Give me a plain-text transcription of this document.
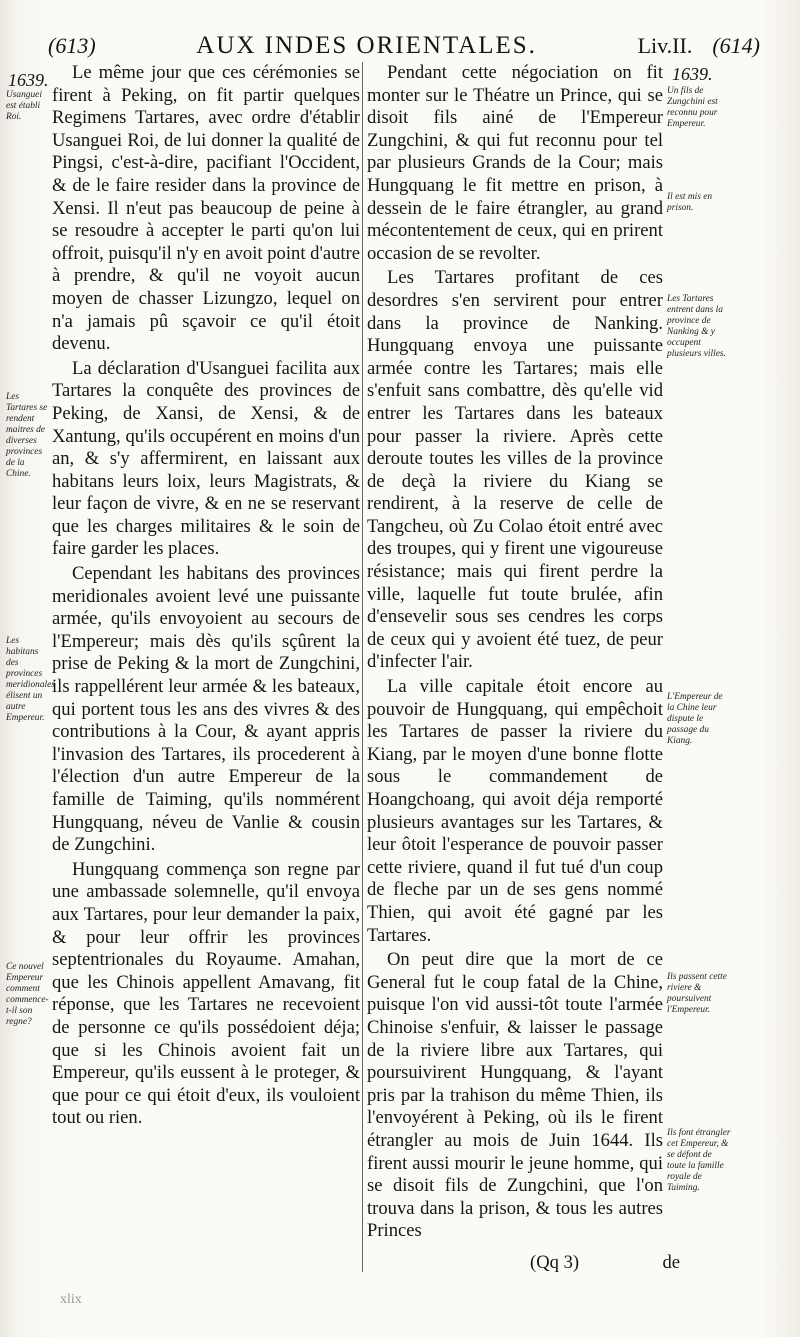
(613)	AUX INDES ORIENTALES.	Liv.II. (614)
1639.	1639.
Usanguei est établi Roi.
Les Tartares se rendent maitres de diverses provinces de la Chine.
Les habitans des provinces meridionales élisent un autre Empereur.
Ce nouvel Empereur comment commence-t-il son regne?

Le même jour que ces cérémonies se firent à Peking, on fit partir quelques Regimens Tartares, avec ordre d'établir Usanguei Roi, de lui donner la qualité de Pingsi, c'est-à-dire, pacifiant l'Occident, & de le faire resider dans la province de Xensi. Il n'eut pas beaucoup de peine à se resoudre à accepter le parti qu'on lui offroit, puisqu'il n'y en avoit point d'autre à prendre, & qu'il ne voyoit aucun moyen de chasser Lizungzo, lequel on n'a jamais pû sçavoir ce qu'il étoit devenu.

La déclaration d'Usanguei facilita aux Tartares la conquête des provinces de Peking, de Xansi, de Xensi, & de Xantung, qu'ils occupérent en moins d'un an, & s'y affermirent, en laissant aux habitans leurs loix, leurs Magistrats, & leur façon de vivre, & en ne se reservant que les charges militaires & le soin de faire garder les places.

Cependant les habitans des provinces meridionales avoient levé une puissante armée, qu'ils envoyoient au secours de l'Empereur; mais dès qu'ils sçûrent la prise de Peking & la mort de Zungchini, ils rappellérent leur armée & les bateaux, qui portent tous les ans des vivres & des contributions à la Cour, & ayant appris l'invasion des Tartares, ils procederent à l'élection d'un autre Empereur de la famille de Taiming, qu'ils nommérent Hungquang, néveu de Vanlie & cousin de Zungchini.

Hungquang commença son regne par une ambassade solemnelle, qu'il envoya aux Tartares, pour leur demander la paix, & pour leur offrir les provinces septentrionales du Royaume. Amahan, que les Chinois appellent Amavang, fit réponse, que les Tartares ne recevoient de personne ce qu'ils possédoient déja; que si les Chinois avoient fait un Empereur, qu'ils eussent à le proteger, & que pour ce qui étoit d'eux, ils vouloient tout ou rien.

Pendant cette négociation on fit monter sur le Théatre un Prince, qui se disoit fils ainé de l'Empereur Zungchini, & qui fut reconnu pour tel par plusieurs Grands de la Cour; mais Hungquang le fit mettre en prison, à dessein de le faire étrangler, au grand mécontentement de ceux, qui en prirent occasion de se revolter.

Les Tartares profitant de ces desordres s'en servirent pour entrer dans la province de Nanking. Hungquang envoya une puissante armée contre les Tartares; mais elle s'enfuit sans combattre, dès qu'elle vid entrer les Tartares dans les bateaux pour passer la riviere. Après cette deroute toutes les villes de la province de deçà la riviere du Kiang se rendirent, à la reserve de celle de Tangcheu, où Zu Colao étoit entré avec des troupes, qui y firent une vigoureuse résistance; mais qui firent perdre la ville, laquelle fut toute brulée, afin d'ensevelir sous ses cendres les corps de ceux qui y avoient été tuez, de peur d'infecter l'air.

La ville capitale étoit encore au pouvoir de Hungquang, qui empêchoit les Tartares de passer la riviere du Kiang, par le moyen d'une bonne flotte sous le commandement de Hoangchoang, qui avoit déja remporté plusieurs avantages sur les Tartares, & leur ôtoit l'esperance de pouvoir passer cette riviere, quand il fut tué d'un coup de fleche par un de ses gens nommé Thien, qui avoit été gagné par les Tartares.

On peut dire que la mort de ce General fut le coup fatal de la Chine, puisque l'on vid aussi-tôt toute l'armée Chinoise s'enfuir, & laisser le passage de la riviere libre aux Tartares, qui poursuivirent Hungquang, & l'ayant pris par la trahison du même Thien, ils l'envoyérent à Peking, où ils le firent étrangler au mois de Juin 1644. Ils firent aussi mourir le jeune homme, qui se disoit fils de Zungchini, que l'on trouva dans la prison, & tous les autres Princes

Un fils de Zungchini est reconnu pour Empereur.
Il est mis en prison.
Les Tartares entrent dans la province de Nanking & y occupent plusieurs villes.
L'Empereur de la Chine leur dispute le passage du Kiang.
Ils passent cette riviere & poursuivent l'Empereur.
Ils font étrangler cet Empereur, & se défont de toute la famille royale de Taiming.
(Qq 3)	de
xlix
